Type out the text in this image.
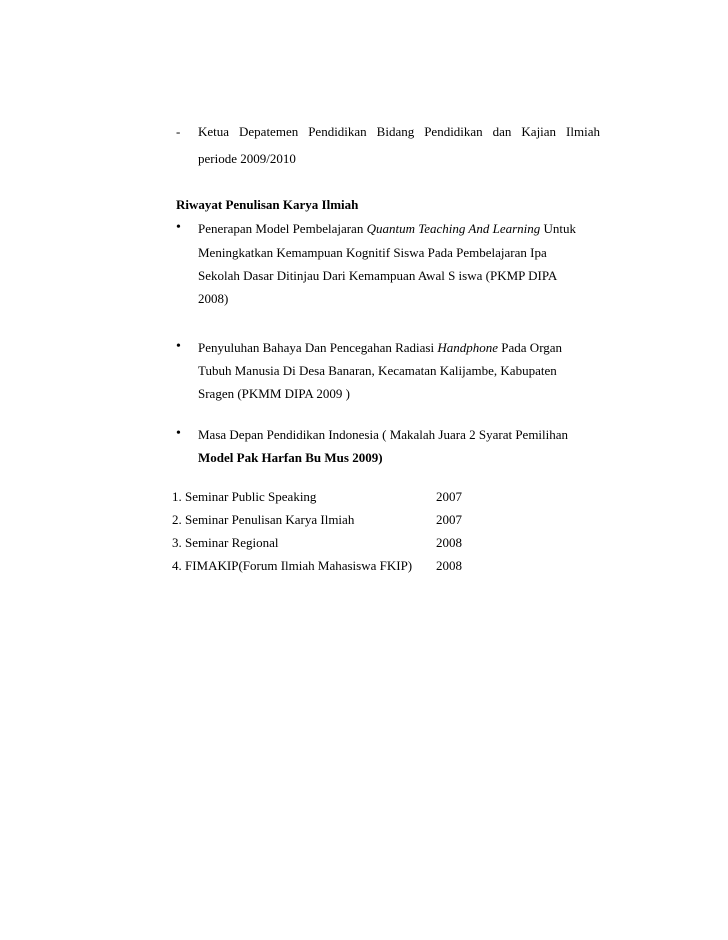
- Ketua Depatemen Pendidikan Bidang Pendidikan dan Kajian Ilmiah
periode 2009/2010
Riwayat Penulisan Karya Ilmiah
• Penerapan Model Pembelajaran Quantum Teaching And Learning Untuk
Meningkatkan Kemampuan Kognitif Siswa Pada Pembelajaran Ipa
Sekolah Dasar Ditinjau Dari Kemampuan Awal S iswa (PKMP DIPA
2008)
• Penyuluhan Bahaya Dan Pencegahan Radiasi Handphone Pada Organ
Tubuh Manusia Di Desa Banaran, Kecamatan Kalijambe, Kabupaten
Sragen (PKMM DIPA 2009 )
• Masa Depan Pendidikan Indonesia ( Makalah Juara 2 Syarat Pemilihan
Model Pak Harfan Bu Mus 2009)
1. Seminar Public Speaking	2007
2. Seminar Penulisan Karya Ilmiah	2007
3. Seminar Regional	2008
4. FIMAKIP(Forum Ilmiah Mahasiswa FKIP) 2008
